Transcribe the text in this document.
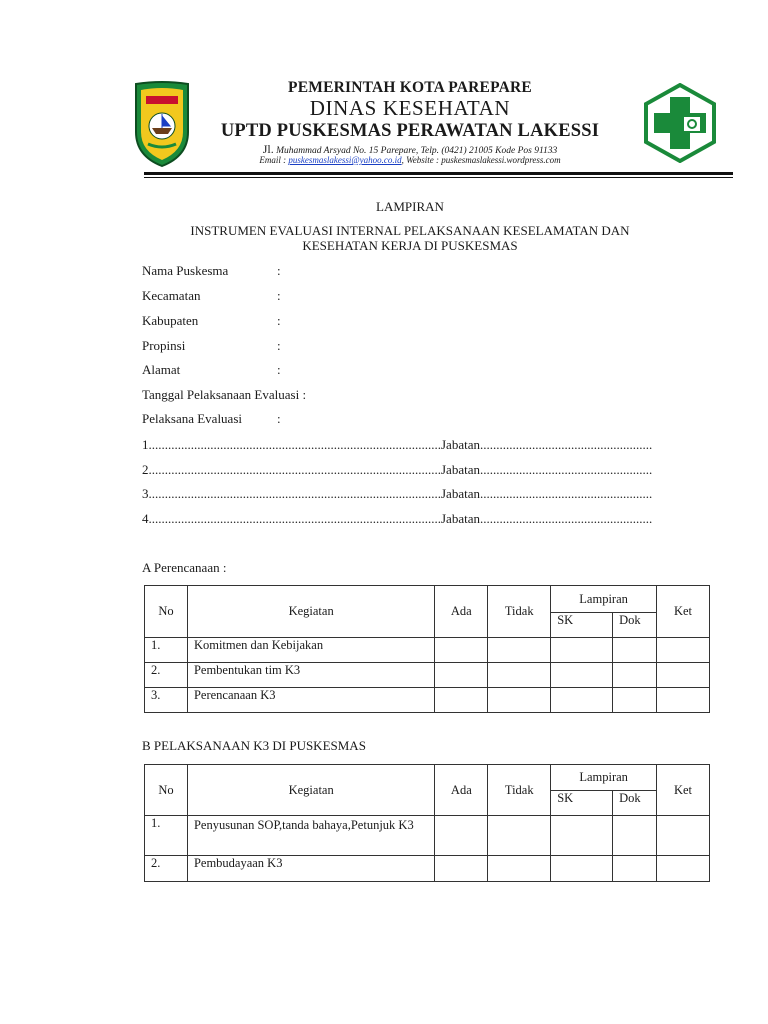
PEMERINTAH KOTA PAREPARE
DINAS KESEHATAN
UPTD PUSKESMAS PERAWATAN LAKESSI
Jl. Muhammad Arsyad No. 15 Parepare, Telp. (0421) 21005 Kode Pos 91133
Email : puskesmaslakessi@yahoo.co.id, Website : puskesmaslakessi.wordpress.com
LAMPIRAN
INSTRUMEN EVALUASI INTERNAL PELAKSANAAN KESELAMATAN DAN
KESEHATAN KERJA DI PUSKESMAS
Nama Puskesma	:
Kecamatan	:
Kabupaten	:
Propinsi	:
Alamat	:
Tanggal Pelaksanaan Evaluasi :
Pelaksana Evaluasi	:
1..........................................................................................Jabatan.....................................................
2..........................................................................................Jabatan.....................................................
3..........................................................................................Jabatan.....................................................
4..........................................................................................Jabatan.....................................................
A Perencanaan :
No	Kegiatan	Ada	Tidak	Lampiran		Ket
				SK	Dok	
1.	Komitmen dan Kebijakan					
2.	Pembentukan tim K3					
3.	Perencanaan K3					
B PELAKSANAAN K3 DI PUSKESMAS
No	Kegiatan	Ada	Tidak	Lampiran		Ket
				SK	Dok	
1.	Penyusunan SOP,tanda bahaya,Petunjuk K3					
2.	Pembudayaan K3					
